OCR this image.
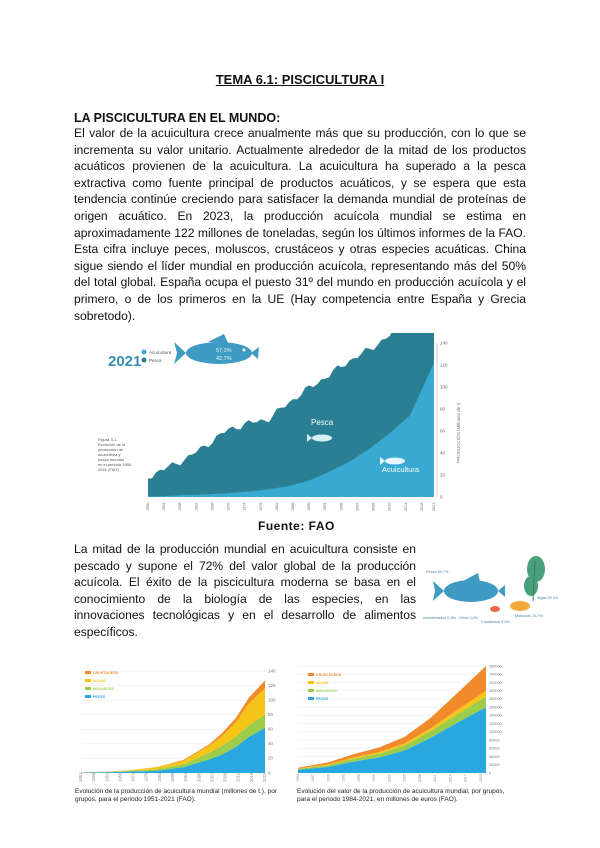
TEMA 6.1: PISCICULTURA I
LA PISCICULTURA EN EL MUNDO:

El valor de la acuicultura crece anualmente más que su producción, con lo que se incrementa su valor unitario. Actualmente alrededor de la mitad de los productos acuáticos provienen de la acuicultura. La acuicultura ha superado a la pesca extractiva como fuente principal de productos acuáticos, y se espera que esta tendencia continúe creciendo para satisfacer la demanda mundial de proteínas de origen acuático. En 2023, la producción acuícola mundial se estima en aproximadamente 122 millones de toneladas, según los últimos informes de la FAO. Esta cifra incluye peces, moluscos, crustáceos y otras especies acuáticas. China sigue siendo el líder mundial en producción acuícola, representando más del 50% del total global. España ocupa el puesto 31º del mundo en producción acuícola y el primero, o de los primeros en la UE (Hay competencia entre España y Grecia sobretodo).

2021
Acuicultura
Pesca
57,3%
42,7%
Figura 3-1. Evolución de la producción de acuicultura y pesca mundial en el periodo 1950- 2021 (FAO)
Pesca
Acuicultura
0
20
40
60
80
100
120
140
PRODUCCIÓN (Millones de t)
1950	1954	1958	1962	1966	1970	1974	1978	1982	1986	1990	1994	1998	2002	2006	2010	2014	2018 2021
Fuente: FAO

La mitad de la producción mundial en acuicultura consiste en pescado y supone el 72% del valor global de la producción acuícola. El éxito de la piscicultura moderna se basa en el conocimiento de la biología de las especies, en las innovaciones tecnológicas y en el desarrollo de alimentos específicos.

Peces 50,7%
Algas 30,3%
Moluscos 15,7%
Crustáceos 5,0%
Otros 0,4%
Invertebrados 0,3%
0
20
40
60
80
100
120
140
1951 1956 1961 1966 1971 1976 1981 1986 1991 1996 2001 2006 2011 2016 2021
CRUSTÁCEOS
ALGAS
MOLUSCOS
PECES
Evolución de la producción de acuicultura mundial (millones de t.), por grupos, para el periodo 1951-2021 (FAO).
0
20000
40000
60000
80000
100000
120000
140000
160000
180000
200000
220000
240000
260000
1984	1987	1990	1993	1996	1999	2002	2005	2008	2011	2014	2017	2020
CRUSTÁCEOS
ALGAS
MOLUSCOS
PECES
Evolución del valor de la producción de acuicultura mundial, por grupos, para el periodo 1984-2021, en millones de euros (FAO).
